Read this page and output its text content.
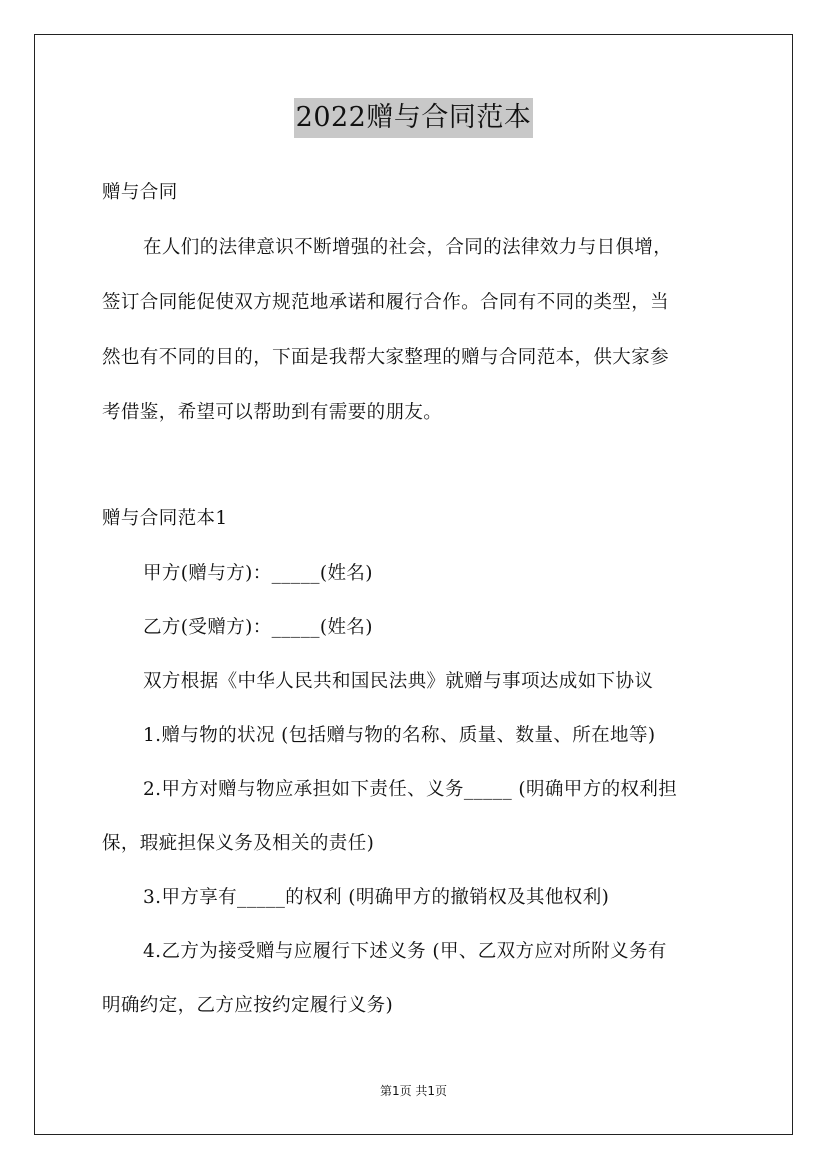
2022赠与合同范本
赠与合同
在人们的法律意识不断增强的社会，合同的法律效力与日俱增，
签订合同能促使双方规范地承诺和履行合作。合同有不同的类型，当
然也有不同的目的，下面是我帮大家整理的赠与合同范本，供大家参
考借鉴，希望可以帮助到有需要的朋友。
赠与合同范本1
甲方(赠与方)：_____(姓名)
乙方(受赠方)：_____(姓名)
双方根据《中华人民共和国民法典》就赠与事项达成如下协议
1.赠与物的状况 (包括赠与物的名称、质量、数量、所在地等)
2.甲方对赠与物应承担如下责任、义务_____ (明确甲方的权利担
保，瑕疵担保义务及相关的责任)
3.甲方享有_____的权利 (明确甲方的撤销权及其他权利)
4.乙方为接受赠与应履行下述义务 (甲、乙双方应对所附义务有
明确约定，乙方应按约定履行义务)
第1页 共1页
